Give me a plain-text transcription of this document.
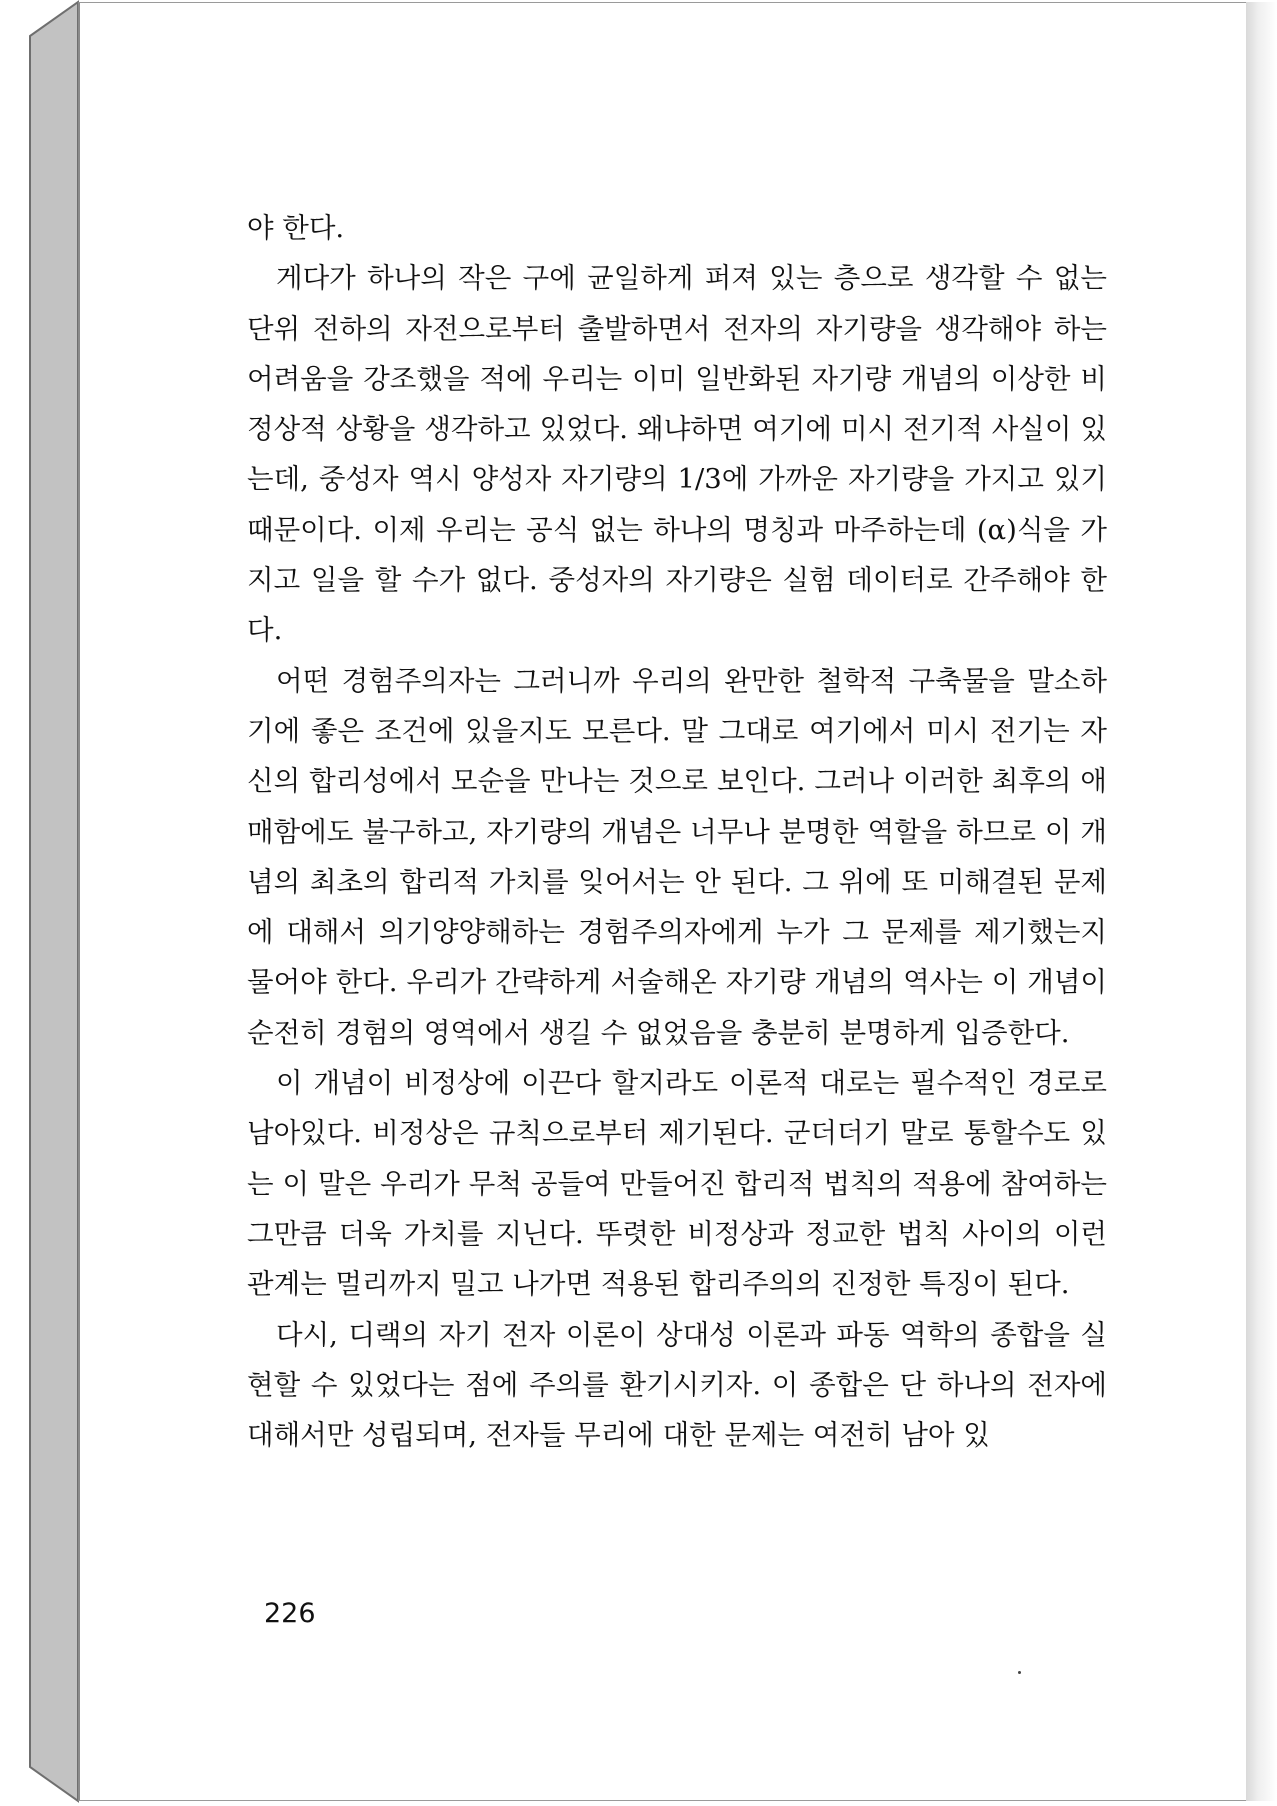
야 한다.

게다가 하나의 작은 구에 균일하게 퍼져 있는 층으로 생각할 수 없는 단위 전하의 자전으로부터 출발하면서 전자의 자기량을 생각해야 하는 어려움을 강조했을 적에 우리는 이미 일반화된 자기량 개념의 이상한 비정상적 상황을 생각하고 있었다. 왜냐하면 여기에 미시 전기적 사실이 있는데, 중성자 역시 양성자 자기량의 1/3에 가까운 자기량을 가지고 있기 때문이다. 이제 우리는 공식 없는 하나의 명칭과 마주하는데 (α)식을 가지고 일을 할 수가 없다. 중성자의 자기량은 실험 데이터로 간주해야 한다.

어떤 경험주의자는 그러니까 우리의 완만한 철학적 구축물을 말소하기에 좋은 조건에 있을지도 모른다. 말 그대로 여기에서 미시 전기는 자신의 합리성에서 모순을 만나는 것으로 보인다. 그러나 이러한 최후의 애매함에도 불구하고, 자기량의 개념은 너무나 분명한 역할을 하므로 이 개념의 최초의 합리적 가치를 잊어서는 안 된다. 그 위에 또 미해결된 문제에 대해서 의기양양해하는 경험주의자에게 누가 그 문제를 제기했는지 물어야 한다. 우리가 간략하게 서술해온 자기량 개념의 역사는 이 개념이 순전히 경험의 영역에서 생길 수 없었음을 충분히 분명하게 입증한다.

이 개념이 비정상에 이끈다 할지라도 이론적 대로는 필수적인 경로로 남아있다. 비정상은 규칙으로부터 제기된다. 군더더기 말로 통할수도 있는 이 말은 우리가 무척 공들여 만들어진 합리적 법칙의 적용에 참여하는 그만큼 더욱 가치를 지닌다. 뚜렷한 비정상과 정교한 법칙 사이의 이런 관계는 멀리까지 밀고 나가면 적용된 합리주의의 진정한 특징이 된다.

다시, 디랙의 자기 전자 이론이 상대성 이론과 파동 역학의 종합을 실현할 수 있었다는 점에 주의를 환기시키자. 이 종합은 단 하나의 전자에 대해서만 성립되며, 전자들 무리에 대한 문제는 여전히 남아 있

226
